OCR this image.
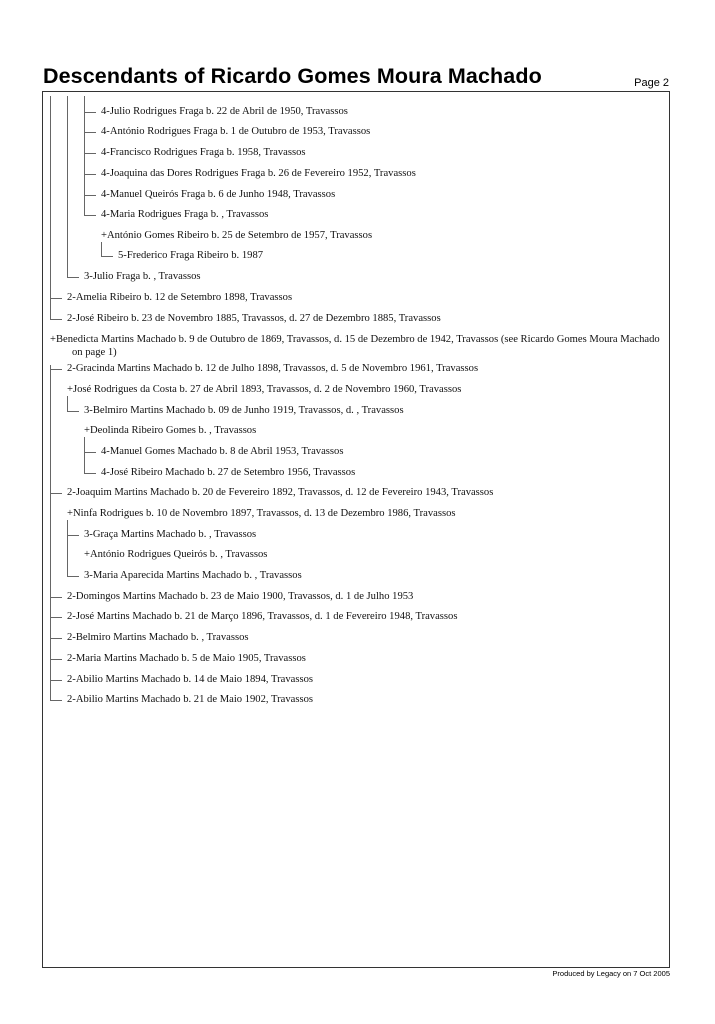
Descendants of Ricardo Gomes Moura Machado	Page 2
4-Julio Rodrigues Fraga b. 22 de Abril de 1950, Travassos
4-António Rodrigues Fraga b. 1 de Outubro de 1953, Travassos
4-Francisco Rodrigues Fraga b. 1958, Travassos
4-Joaquina das Dores Rodrigues Fraga b. 26 de Fevereiro 1952, Travassos
4-Manuel Queirós Fraga b. 6 de Junho 1948, Travassos
4-Maria Rodrigues Fraga b. , Travassos
+António Gomes Ribeiro b. 25 de Setembro de 1957, Travassos
5-Frederico Fraga Ribeiro b. 1987
3-Julio Fraga b. , Travassos
2-Amelia Ribeiro b. 12 de Setembro 1898, Travassos
2-José Ribeiro b. 23 de Novembro 1885, Travassos, d. 27 de Dezembro 1885, Travassos
+Benedicta Martins Machado b. 9 de Outubro de 1869, Travassos, d. 15 de Dezembro de 1942, Travassos (see Ricardo Gomes Moura Machado on page 1)
2-Gracinda Martins Machado b. 12 de Julho 1898, Travassos, d. 5 de Novembro 1961, Travassos
+José Rodrigues da Costa b. 27 de Abril 1893, Travassos, d. 2 de Novembro 1960, Travassos
3-Belmiro Martins Machado b. 09 de Junho 1919, Travassos, d. , Travassos
+Deolinda Ribeiro Gomes b. , Travassos
4-Manuel Gomes Machado b. 8 de Abril 1953, Travassos
4-José Ribeiro Machado b. 27 de Setembro 1956, Travassos
2-Joaquim Martins Machado b. 20 de Fevereiro 1892, Travassos, d. 12 de Fevereiro 1943, Travassos
+Ninfa Rodrigues b. 10 de Novembro 1897, Travassos, d. 13 de Dezembro 1986, Travassos
3-Graça Martins Machado b. , Travassos
+António Rodrigues Queirós b. , Travassos
3-Maria Aparecida Martins Machado b. , Travassos
2-Domingos Martins Machado b. 23 de Maio 1900, Travassos, d. 1 de Julho 1953
2-José Martins Machado b. 21 de Março 1896, Travassos, d. 1 de Fevereiro 1948, Travassos
2-Belmiro Martins Machado b. , Travassos
2-Maria Martins Machado b. 5 de Maio 1905, Travassos
2-Abilio Martins Machado b. 14 de Maio 1894, Travassos
2-Abilio Martins Machado b. 21 de Maio 1902, Travassos
Produced by Legacy on 7 Oct 2005
